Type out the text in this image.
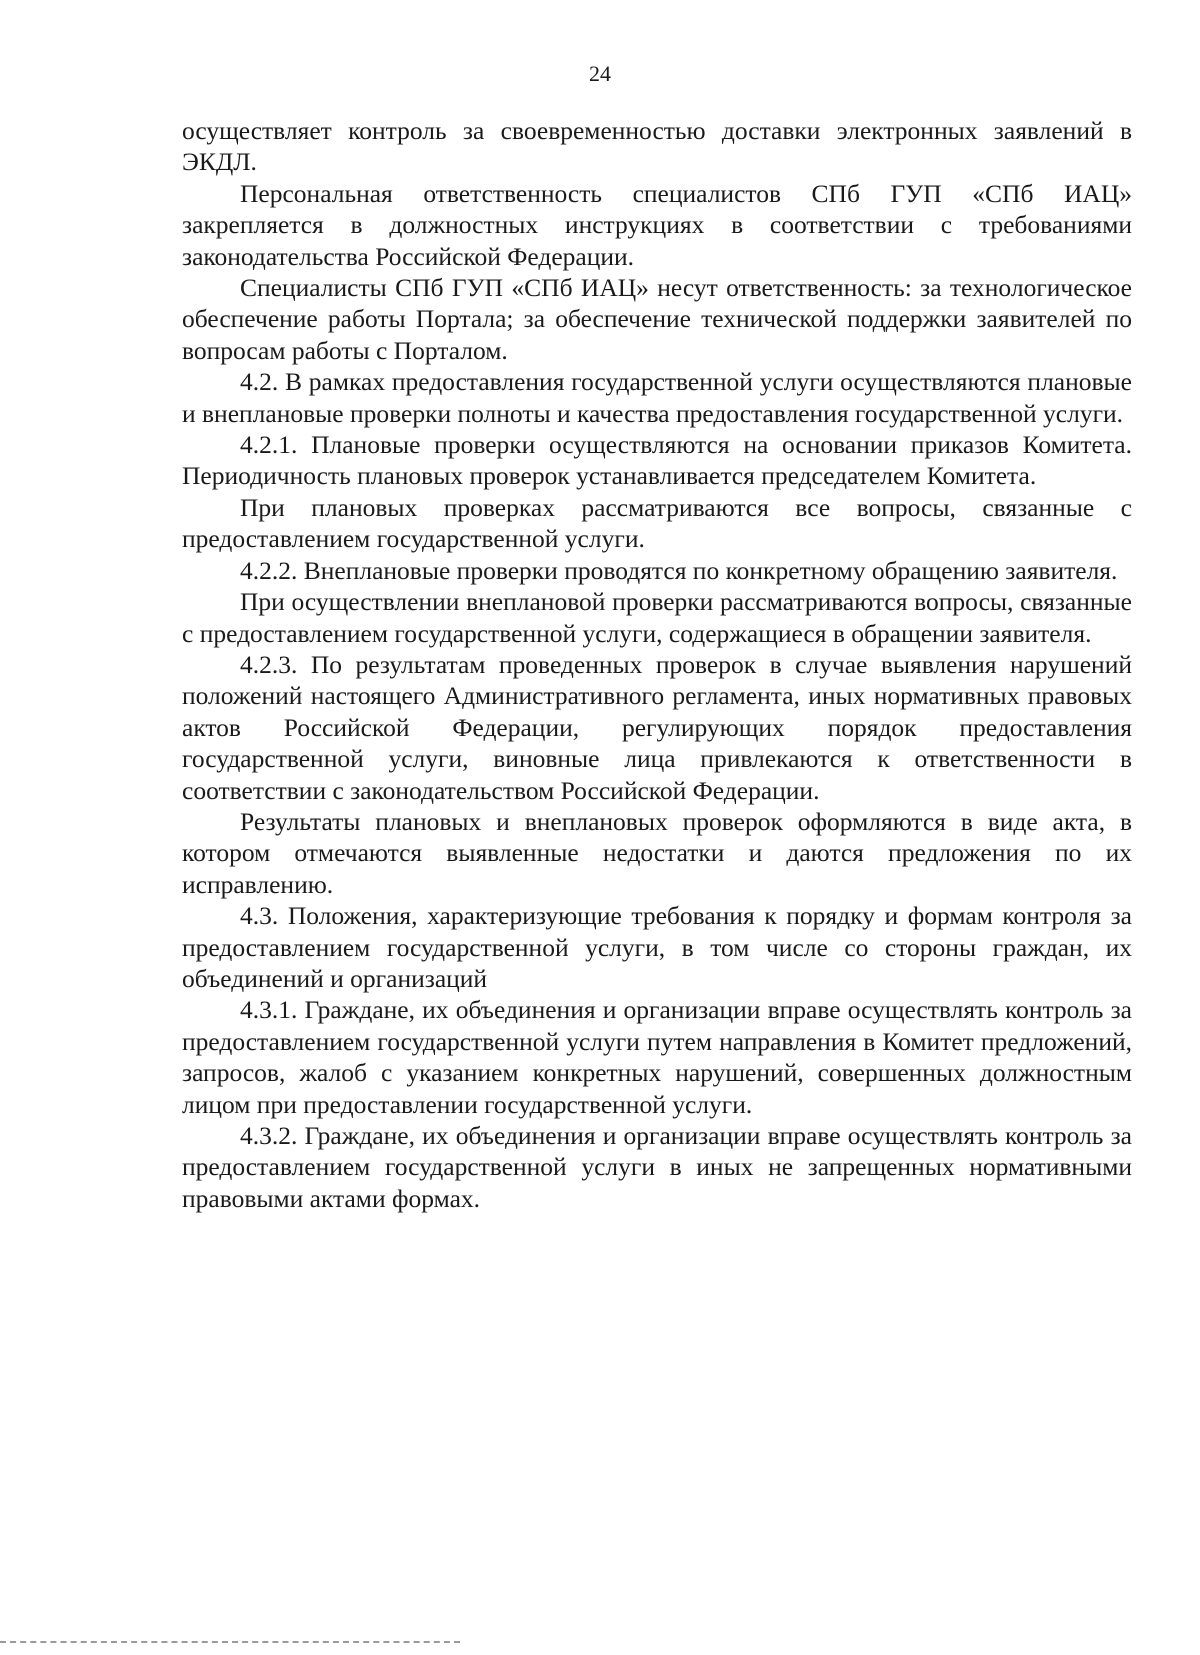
24

осуществляет контроль за своевременностью доставки электронных заявлений в ЭКДЛ.

Персональная ответственность специалистов СПб ГУП «СПб ИАЦ» закрепляется в должностных инструкциях в соответствии с требованиями законодательства Российской Федерации.

Специалисты СПб ГУП «СПб ИАЦ» несут ответственность: за технологическое обеспечение работы Портала; за обеспечение технической поддержки заявителей по вопросам работы с Порталом.

4.2. В рамках предоставления государственной услуги осуществляются плановые и внеплановые проверки полноты и качества предоставления государственной услуги.

4.2.1. Плановые проверки осуществляются на основании приказов Комитета. Периодичность плановых проверок устанавливается председателем Комитета.

При плановых проверках рассматриваются все вопросы, связанные с предоставлением государственной услуги.

4.2.2. Внеплановые проверки проводятся по конкретному обращению заявителя.

При осуществлении внеплановой проверки рассматриваются вопросы, связанные с предоставлением государственной услуги, содержащиеся в обращении заявителя.

4.2.3. По результатам проведенных проверок в случае выявления нарушений положений настоящего Административного регламента, иных нормативных правовых актов Российской Федерации, регулирующих порядок предоставления государственной услуги, виновные лица привлекаются к ответственности в соответствии с законодательством Российской Федерации.

Результаты плановых и внеплановых проверок оформляются в виде акта, в котором отмечаются выявленные недостатки и даются предложения по их исправлению.

4.3. Положения, характеризующие требования к порядку и формам контроля за предоставлением государственной услуги, в том числе со стороны граждан, их объединений и организаций

4.3.1. Граждане, их объединения и организации вправе осуществлять контроль за предоставлением государственной услуги путем направления в Комитет предложений, запросов, жалоб с указанием конкретных нарушений, совершенных должностным лицом при предоставлении государственной услуги.

4.3.2. Граждане, их объединения и организации вправе осуществлять контроль за предоставлением государственной услуги в иных не запрещенных нормативными правовыми актами формах.
